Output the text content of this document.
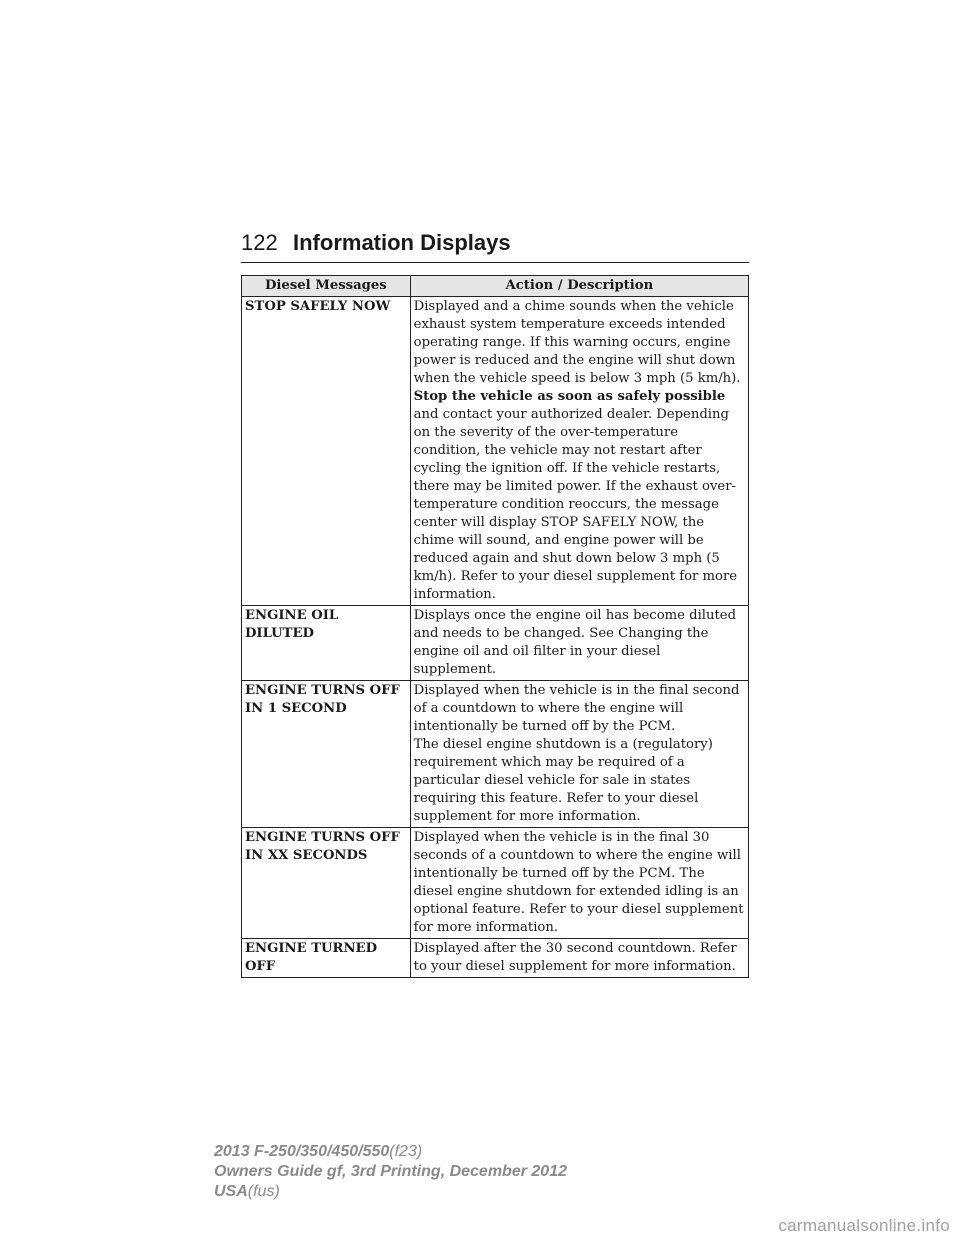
122 Information Displays
Diesel Messages	Action / Description
STOP SAFELY NOW	Displayed and a chime sounds when the vehicle exhaust system temperature exceeds intended operating range. If this warning occurs, engine power is reduced and the engine will shut down when the vehicle speed is below 3 mph (5 km/h).
Stop the vehicle as soon as safely possible
and contact your authorized dealer. Depending on the severity of the over-temperature condition, the vehicle may not restart after cycling the ignition off. If the vehicle restarts, there may be limited power. If the exhaust over-temperature condition reoccurs, the message center will display STOP SAFELY NOW, the chime will sound, and engine power will be reduced again and shut down below 3 mph (5 km/h). Refer to your diesel supplement for more information.
ENGINE OIL DILUTED	Displays once the engine oil has become diluted and needs to be changed. See Changing the engine oil and oil filter in your diesel supplement.
ENGINE TURNS OFF IN 1 SECOND	Displayed when the vehicle is in the final second of a countdown to where the engine will intentionally be turned off by the PCM.
The diesel engine shutdown is a (regulatory) requirement which may be required of a particular diesel vehicle for sale in states requiring this feature. Refer to your diesel supplement for more information.
ENGINE TURNS OFF IN XX SECONDS	Displayed when the vehicle is in the final 30 seconds of a countdown to where the engine will intentionally be turned off by the PCM. The diesel engine shutdown for extended idling is an optional feature. Refer to your diesel supplement for more information.
ENGINE TURNED OFF	Displayed after the 30 second countdown. Refer to your diesel supplement for more information.
2013 F-250/350/450/550(f23)
Owners Guide gf, 3rd Printing, December 2012
USA(fus)
carmanualsonline.info
